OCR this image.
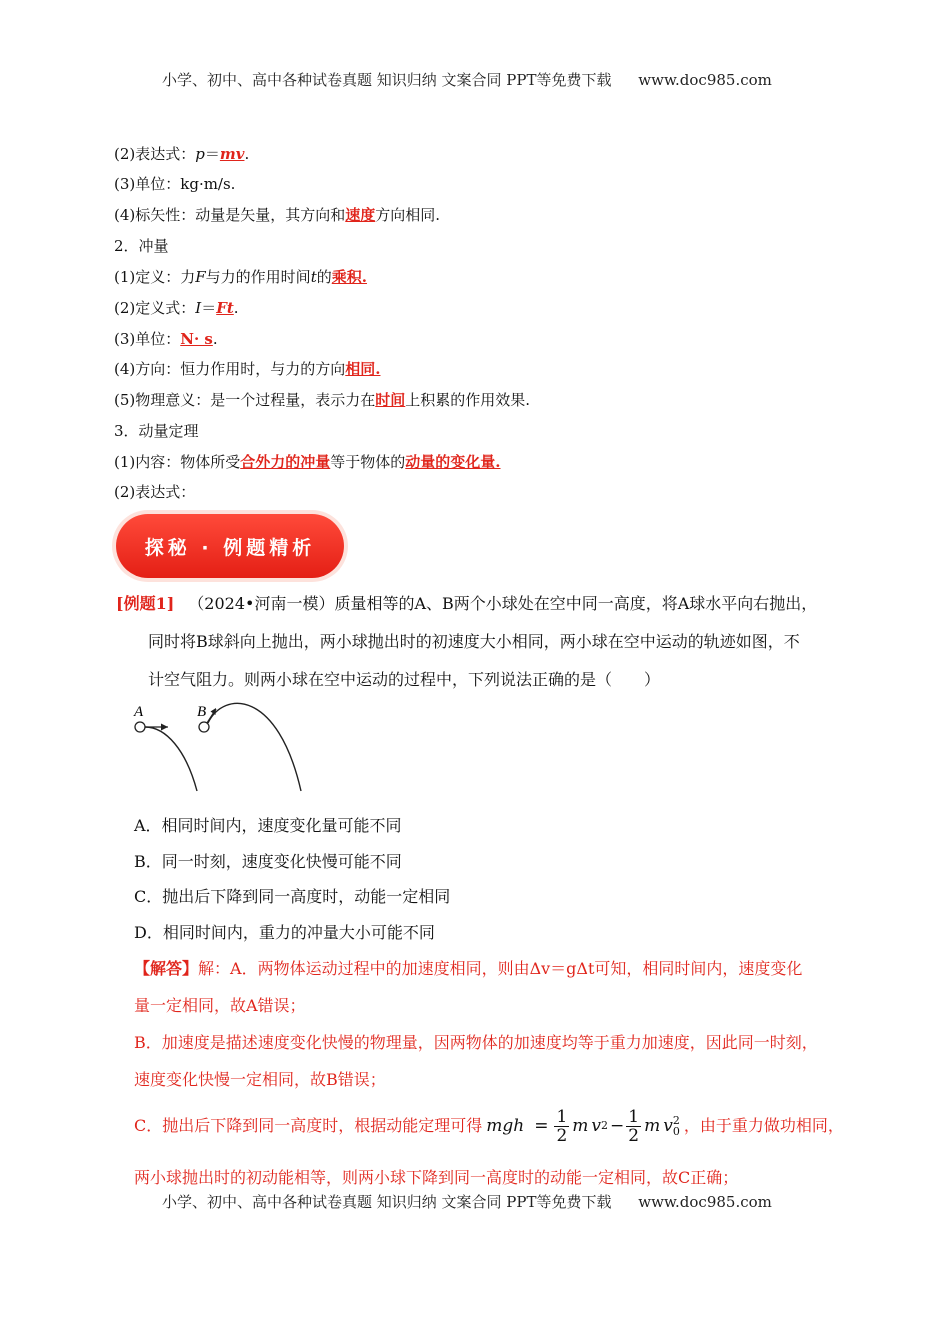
小学、初中、高中各种试卷真题 知识归纳 文案合同 PPT等免费下载 www.doc985.com
(2)表达式：p＝mv.
(3)单位：kg·m/s.
(4)标矢性：动量是矢量，其方向和速度方向相同.
2．冲量
(1)定义：力F与力的作用时间t的乘积.
(2)定义式：I＝Ft.
(3)单位：N· s.
(4)方向：恒力作用时，与力的方向相同.
(5)物理意义：是一个过程量，表示力在时间上积累的作用效果.
3．动量定理
(1)内容：物体所受合外力的冲量等于物体的动量的变化量.
(2)表达式：
探秘 · 例题精析
[例题1] （2024•河南一模）质量相等的A、B两个小球处在空中同一高度，将A球水平向右抛出，
同时将B球斜向上抛出，两小球抛出时的初速度大小相同，两小球在空中运动的轨迹如图，不
计空气阻力。则两小球在空中运动的过程中，下列说法正确的是（　　）
A	B
A．相同时间内，速度变化量可能不同
B．同一时刻，速度变化快慢可能不同
C．抛出后下降到同一高度时，动能一定相同
D．相同时间内，重力的冲量大小可能不同
【解答】解：A．两物体运动过程中的加速度相同，则由Δv＝gΔt可知，相同时间内，速度变化
量一定相同，故A错误；
B．加速度是描述速度变化快慢的物理量，因两物体的加速度均等于重力加速度，因此同一时刻，
速度变化快慢一定相同，故B错误；
C．抛出后下降到同一高度时，根据动能定理可得 mgh = $\frac{1}{2}$ m v $2 - \frac{1}{2}$ m v 2
0 ，由于重力做功相同，
两小球抛出时的初动能相等，则两小球下降到同一高度时的动能一定相同，故C正确；
小学、初中、高中各种试卷真题 知识归纳 文案合同 PPT等免费下载 www.doc985.com
